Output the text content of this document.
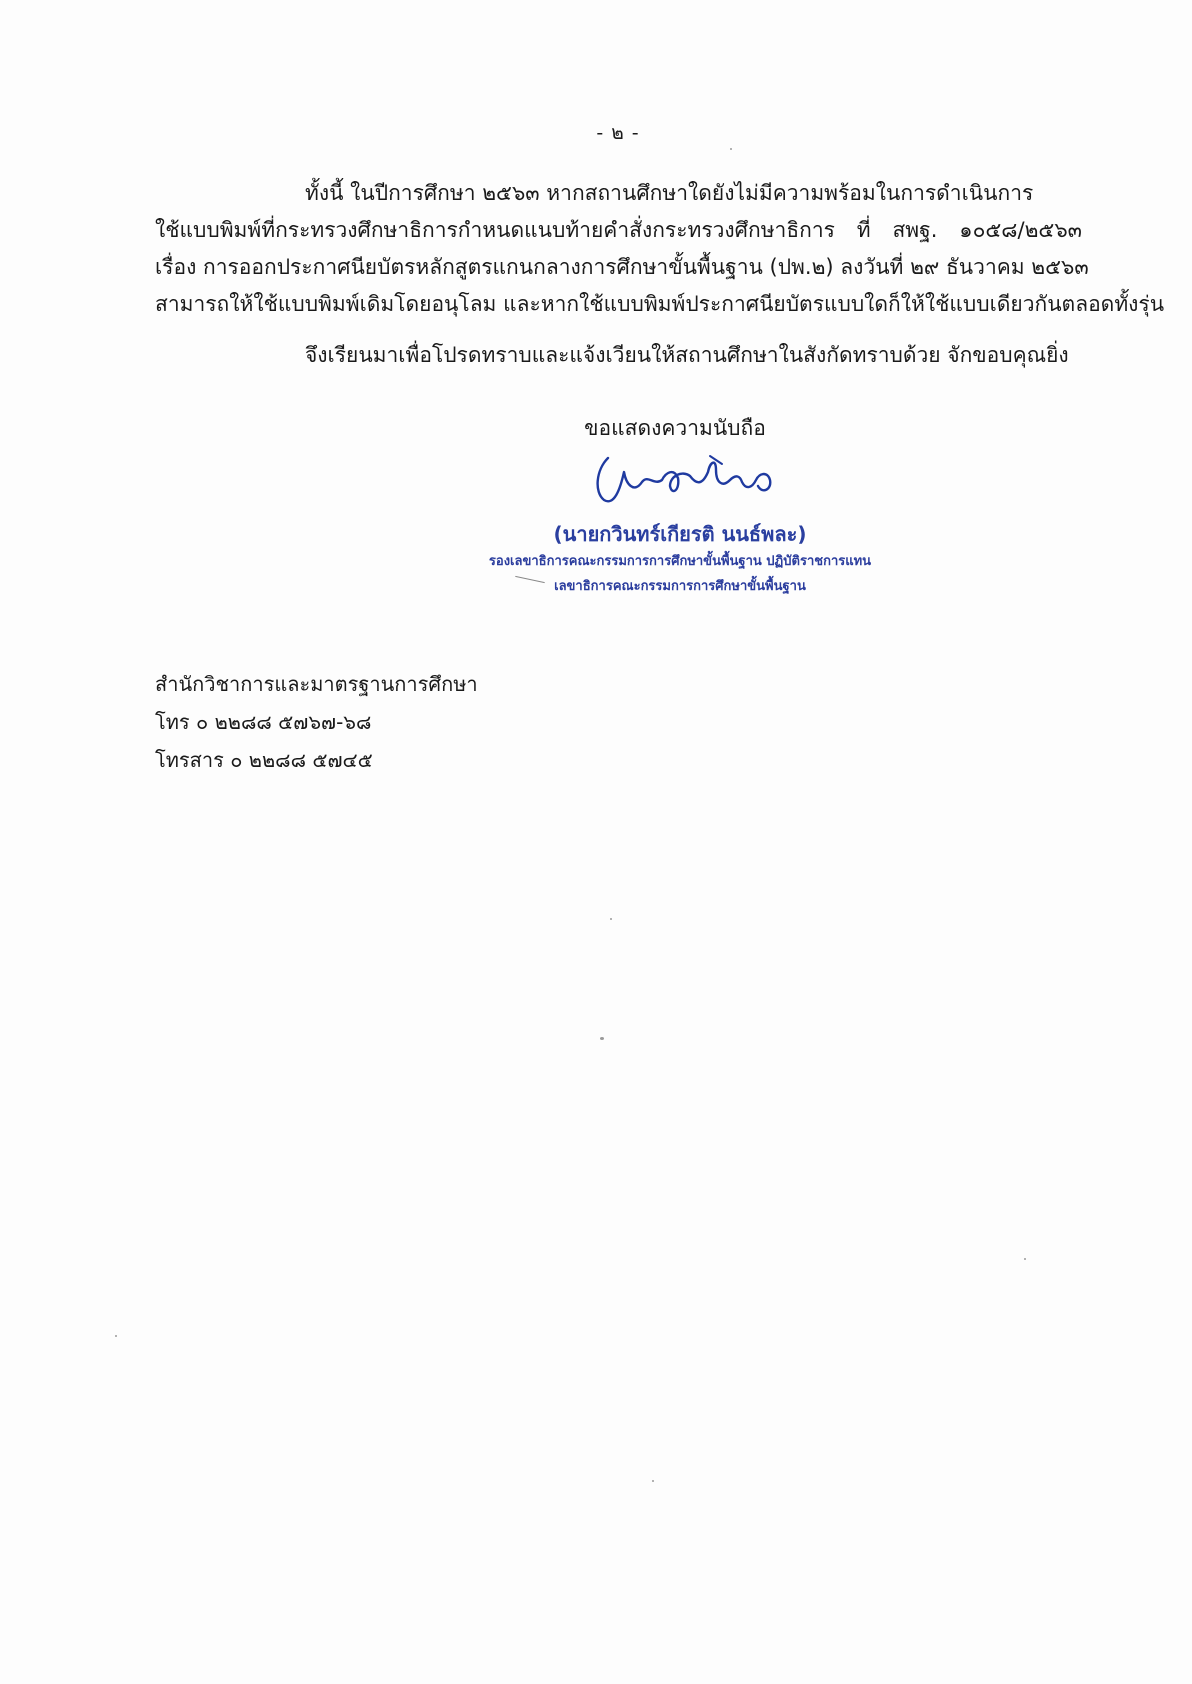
- ๒ -
ทั้งนี้ ในปีการศึกษา ๒๕๖๓ หากสถานศึกษาใดยังไม่มีความพร้อมในการดำเนินการ
ใช้แบบพิมพ์ที่กระทรวงศึกษาธิการกำหนดแนบท้ายคำสั่งกระทรวงศึกษาธิการ ที่ สพฐ. ๑๐๕๘/๒๕๖๓
เรื่อง การออกประกาศนียบัตรหลักสูตรแกนกลางการศึกษาขั้นพื้นฐาน (ปพ.๒) ลงวันที่ ๒๙ ธันวาคม ๒๕๖๓
สามารถให้ใช้แบบพิมพ์เดิมโดยอนุโลม และหากใช้แบบพิมพ์ประกาศนียบัตรแบบใดก็ให้ใช้แบบเดียวกันตลอดทั้งรุ่น
จึงเรียนมาเพื่อโปรดทราบและแจ้งเวียนให้สถานศึกษาในสังกัดทราบด้วย จักขอบคุณยิ่ง
ขอแสดงความนับถือ
(นายกวินทร์เกียรติ นนธ์พละ)
รองเลขาธิการคณะกรรมการการศึกษาขั้นพื้นฐาน ปฏิบัติราชการแทน
เลขาธิการคณะกรรมการการศึกษาขั้นพื้นฐาน
สำนักวิชาการและมาตรฐานการศึกษา
โทร ๐ ๒๒๘๘ ๕๗๖๗-๖๘
โทรสาร ๐ ๒๒๘๘ ๕๗๔๕
